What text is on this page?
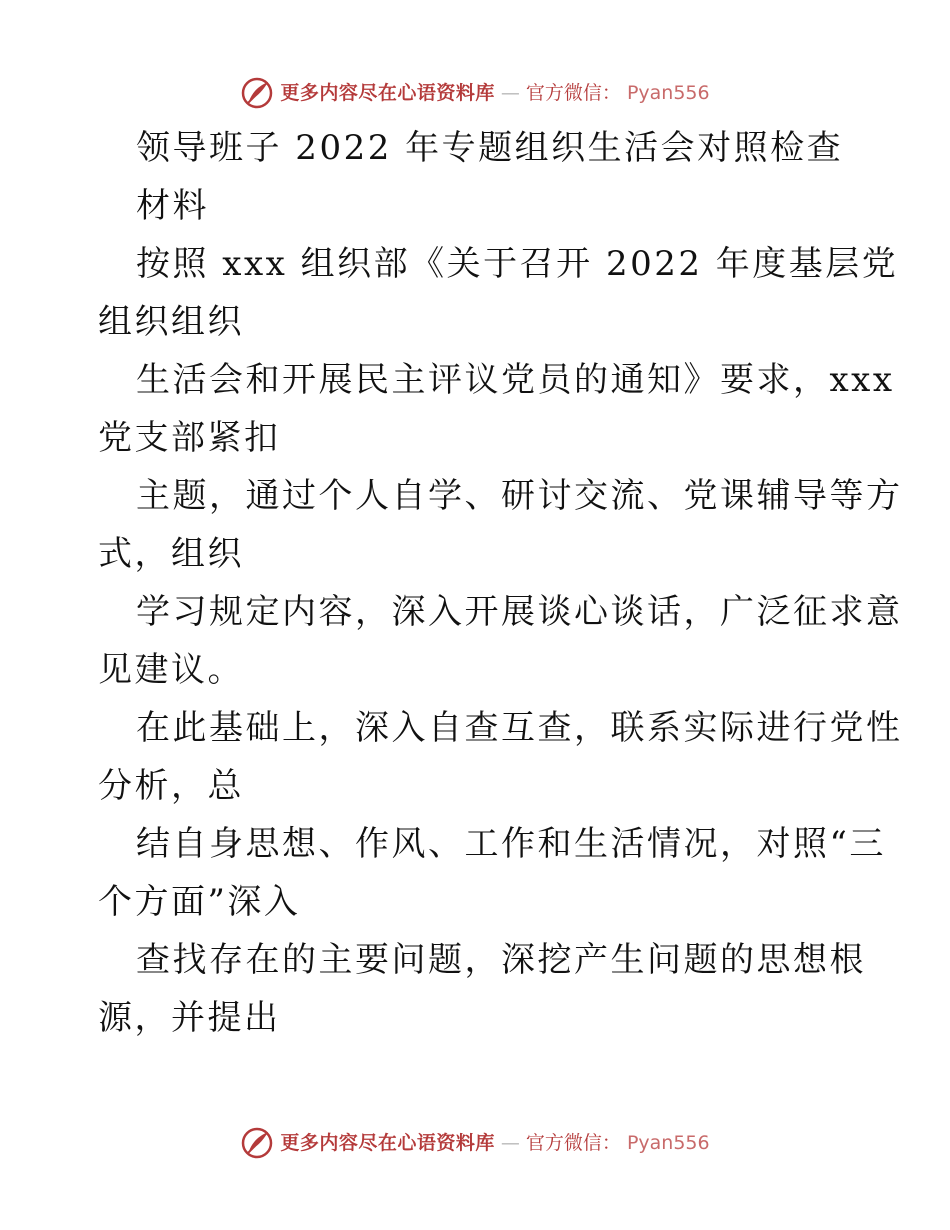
更多内容尽在心语资料库 — 官方微信： Pyan556
领导班子 2022 年专题组织生活会对照检查
材料
按照 xxx 组织部《关于召开 2022 年度基层党
组织组织
生活会和开展民主评议党员的通知》要求，xxx
党支部紧扣
主题，通过个人自学、研讨交流、党课辅导等方
式，组织
学习规定内容，深入开展谈心谈话，广泛征求意
见建议。
在此基础上，深入自查互查，联系实际进行党性
分析，总
结自身思想、作风、工作和生活情况，对照“三
个方面”深入
查找存在的主要问题，深挖产生问题的思想根
源，并提出
更多内容尽在心语资料库 — 官方微信： Pyan556
